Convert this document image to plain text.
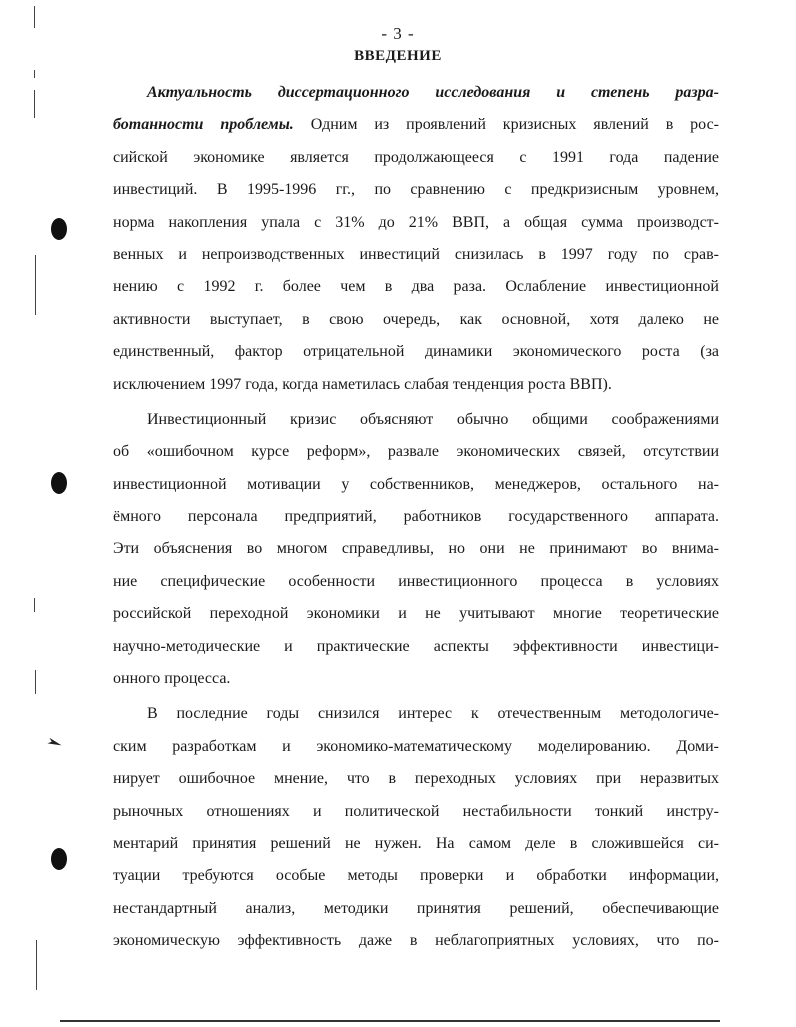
- 3 -
ВВЕДЕНИЕ
Актуальность диссертационного исследования и степень разра-
ботанности проблемы. Одним из проявлений кризисных явлений в рос-
сийской экономике является продолжающееся с 1991 года падение
инвестиций. В 1995-1996 гг., по сравнению с предкризисным уровнем,
норма накопления упала с 31% до 21% ВВП, а общая сумма производст-
венных и непроизводственных инвестиций снизилась в 1997 году по срав-
нению с 1992 г. более чем в два раза. Ослабление инвестиционной
активности выступает, в свою очередь, как основной, хотя далеко не
единственный, фактор отрицательной динамики экономического роста (за
исключением 1997 года, когда наметилась слабая тенденция роста ВВП).
Инвестиционный кризис объясняют обычно общими соображениями
об «ошибочном курсе реформ», развале экономических связей, отсутствии
инвестиционной мотивации у собственников, менеджеров, остального на-
ёмного персонала предприятий, работников государственного аппарата.
Эти объяснения во многом справедливы, но они не принимают во внима-
ние специфические особенности инвестиционного процесса в условиях
российской переходной экономики и не учитывают многие теоретические
научно-методические и практические аспекты эффективности инвестици-
онного процесса.
В последние годы снизился интерес к отечественным методологиче-
ским разработкам и экономико-математическому моделированию. Доми-
нирует ошибочное мнение, что в переходных условиях при неразвитых
рыночных отношениях и политической нестабильности тонкий инстру-
ментарий принятия решений не нужен. На самом деле в сложившейся си-
туации требуются особые методы проверки и обработки информации,
нестандартный анализ, методики принятия решений, обеспечивающие
экономическую эффективность даже в неблагоприятных условиях, что по-
